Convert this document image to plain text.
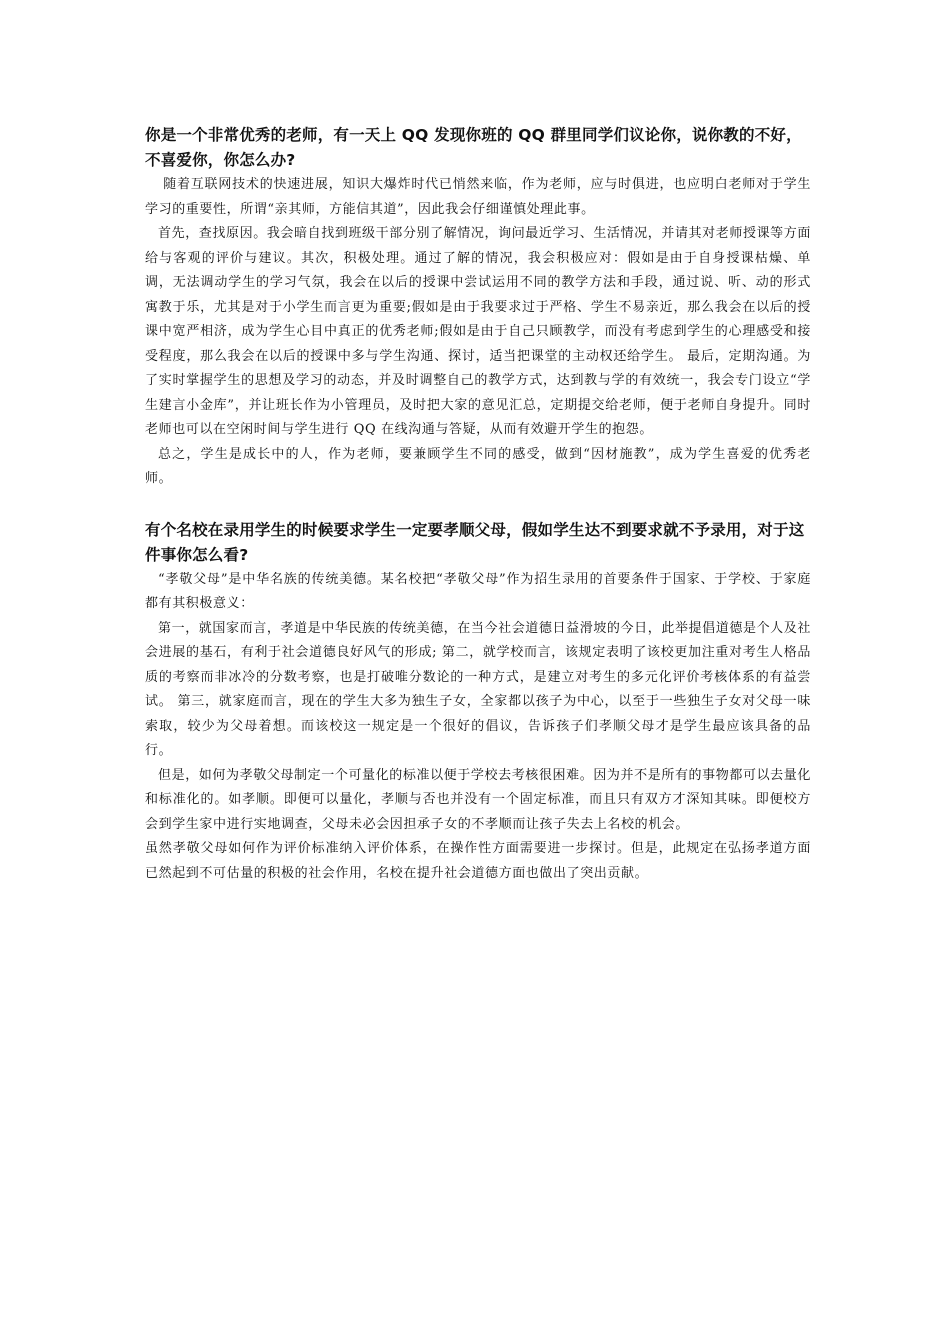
你是一个非常优秀的老师，有一天上 QQ 发现你班的 QQ 群里同学们议论你，说你教的不好，不喜爱你，你怎么办?

随着互联网技术的快速进展，知识大爆炸时代已悄然来临，作为老师，应与时俱进，也应明白老师对于学生学习的重要性，所谓“亲其师，方能信其道”，因此我会仔细谨慎处理此事。

首先，查找原因。我会暗自找到班级干部分别了解情况，询问最近学习、生活情况，并请其对老师授课等方面给与客观的评价与建议。其次，积极处理。通过了解的情况，我会积极应对：假如是由于自身授课枯燥、单调，无法调动学生的学习气氛，我会在以后的授课中尝试运用不同的教学方法和手段，通过说、听、动的形式寓教于乐，尤其是对于小学生而言更为重要;假如是由于我要求过于严格、学生不易亲近，那么我会在以后的授课中宽严相济，成为学生心目中真正的优秀老师;假如是由于自己只顾教学，而没有考虑到学生的心理感受和接受程度，那么我会在以后的授课中多与学生沟通、探讨，适当把课堂的主动权还给学生。 最后，定期沟通。为了实时掌握学生的思想及学习的动态，并及时调整自己的教学方式，达到教与学的有效统一，我会专门设立“学生建言小金库”，并让班长作为小管理员，及时把大家的意见汇总，定期提交给老师，便于老师自身提升。同时老师也可以在空闲时间与学生进行 QQ 在线沟通与答疑，从而有效避开学生的抱怨。

总之，学生是成长中的人，作为老师，要兼顾学生不同的感受，做到“因材施教”，成为学生喜爱的优秀老师。

有个名校在录用学生的时候要求学生一定要孝顺父母，假如学生达不到要求就不予录用，对于这件事你怎么看?

“孝敬父母”是中华名族的传统美德。某名校把“孝敬父母”作为招生录用的首要条件于国家、于学校、于家庭都有其积极意义：

第一，就国家而言，孝道是中华民族的传统美德，在当今社会道德日益滑坡的今日，此举提倡道德是个人及社会进展的基石，有利于社会道德良好风气的形成; 第二，就学校而言，该规定表明了该校更加注重对考生人格品质的考察而非冰冷的分数考察，也是打破唯分数论的一种方式，是建立对考生的多元化评价考核体系的有益尝试。 第三，就家庭而言，现在的学生大多为独生子女，全家都以孩子为中心，以至于一些独生子女对父母一味索取，较少为父母着想。而该校这一规定是一个很好的倡议，告诉孩子们孝顺父母才是学生最应该具备的品行。

但是，如何为孝敬父母制定一个可量化的标准以便于学校去考核很困难。因为并不是所有的事物都可以去量化和标准化的。如孝顺。即便可以量化，孝顺与否也并没有一个固定标准，而且只有双方才深知其味。即便校方会到学生家中进行实地调查，父母未必会因担承子女的不孝顺而让孩子失去上名校的机会。

虽然孝敬父母如何作为评价标准纳入评价体系，在操作性方面需要进一步探讨。但是，此规定在弘扬孝道方面已然起到不可估量的积极的社会作用，名校在提升社会道德方面也做出了突出贡献。
